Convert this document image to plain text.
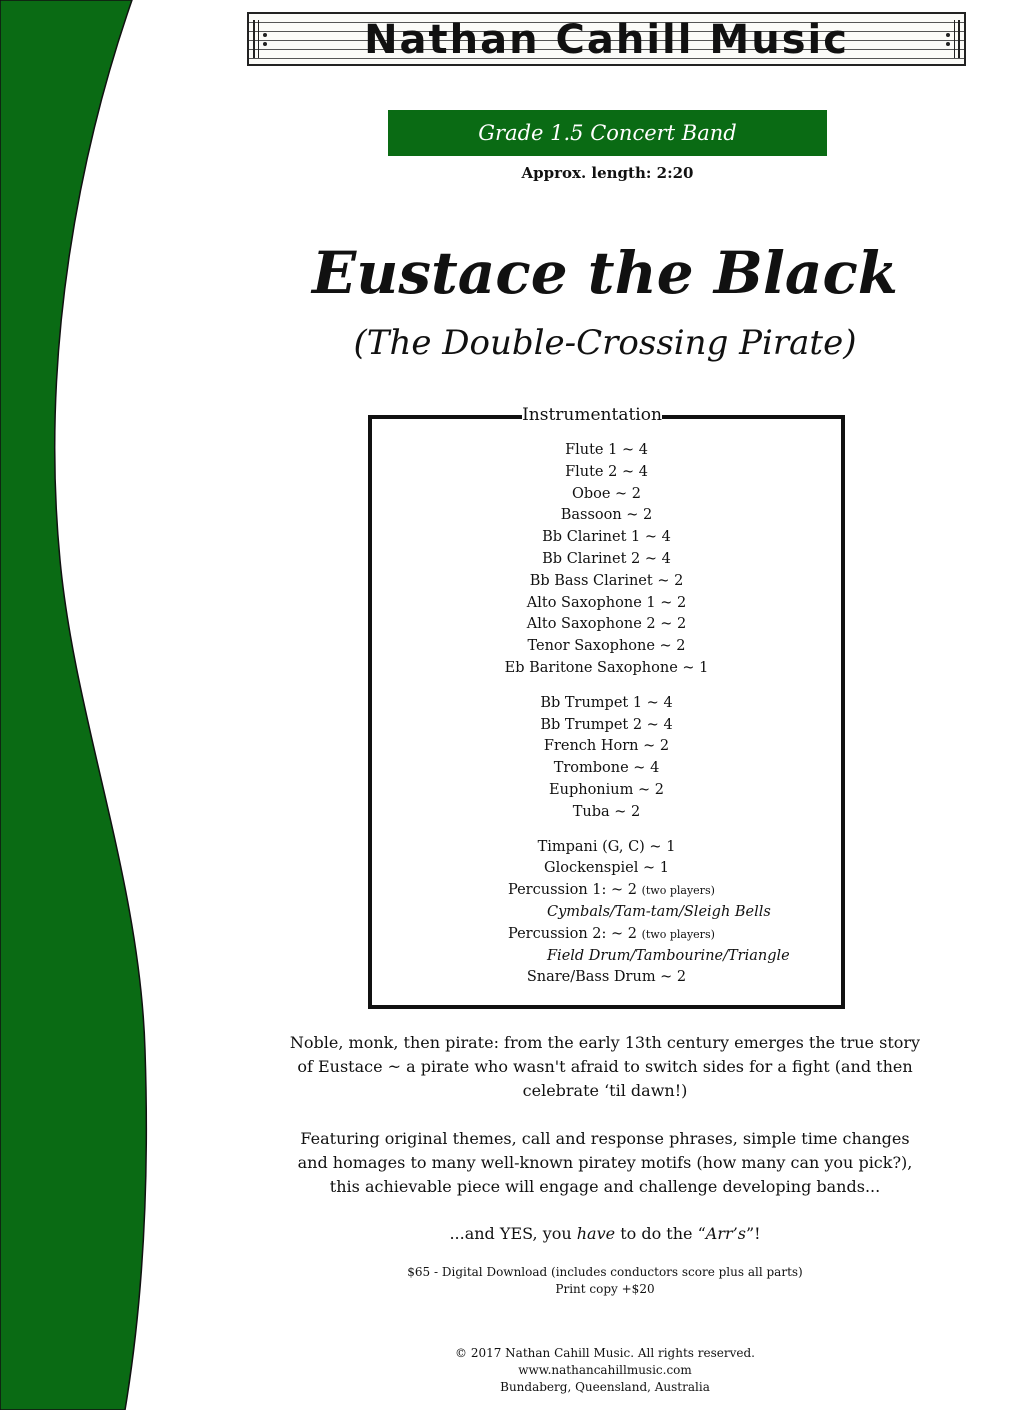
Nathan Cahill Music
Grade 1.5 Concert Band
Approx. length: 2:20
Eustace the Black
(The Double-Crossing Pirate)
Instrumentation
Flute 1 ~ 4
Flute 2 ~ 4
Oboe ~ 2
Bassoon ~ 2
Bb Clarinet 1 ~ 4
Bb Clarinet 2 ~ 4
Bb Bass Clarinet ~ 2
Alto Saxophone 1 ~ 2
Alto Saxophone 2 ~ 2
Tenor Saxophone ~ 2
Eb Baritone Saxophone ~ 1
Bb Trumpet 1 ~ 4
Bb Trumpet 2 ~ 4
French Horn ~ 2
Trombone ~ 4
Euphonium ~ 2
Tuba ~ 2
Timpani (G, C) ~ 1
Glockenspiel ~ 1
Percussion 1: ~ 2 (two players)
Cymbals/Tam-tam/Sleigh Bells
Percussion 2: ~ 2 (two players)
Field Drum/Tambourine/Triangle
Snare/Bass Drum ~ 2
Noble, monk, then pirate: from the early 13th century emerges the true story of Eustace ~ a pirate who wasn't afraid to switch sides for a fight (and then celebrate ‘til dawn!)
Featuring original themes, call and response phrases, simple time changes and homages to many well-known piratey motifs (how many can you pick?), this achievable piece will engage and challenge developing bands...
...and YES, you have to do the “Arr’s”!
$65 - Digital Download (includes conductors score plus all parts)
Print copy +$20
© 2017 Nathan Cahill Music. All rights reserved.
www.nathancahillmusic.com
Bundaberg, Queensland, Australia
